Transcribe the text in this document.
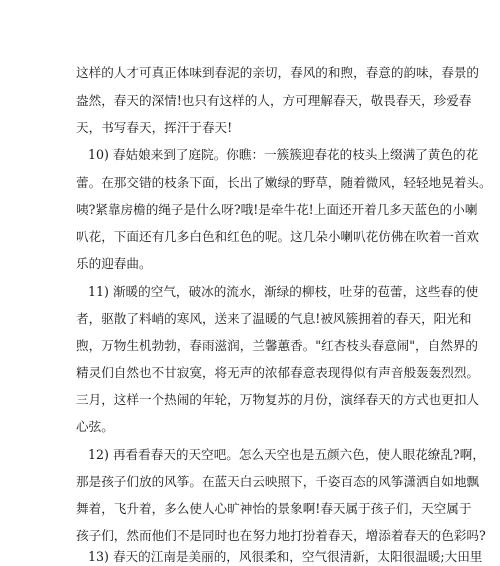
这样的人才可真正体味到春泥的亲切，春风的和煦，春意的韵味，春景的
盎然，春天的深情!也只有这样的人，方可理解春天，敬畏春天，珍爱春
天，书写春天，挥汗于春天!
10) 春姑娘来到了庭院。你瞧：一簇簇迎春花的枝头上缀满了黄色的花
蕾。在那交错的枝条下面，长出了嫩绿的野草，随着微风，轻轻地晃着头。
咦?紧靠房檐的绳子是什么呀?哦!是牵牛花!上面还开着几多天蓝色的小喇
叭花，下面还有几多白色和红色的呢。这几朵小喇叭花仿佛在吹着一首欢
乐的迎春曲。
11) 渐暖的空气，破冰的流水，渐绿的柳枝，吐芽的苞蕾，这些春的使
者，驱散了料峭的寒风，送来了温暖的气息!被风簇拥着的春天，阳光和
煦，万物生机勃勃，春雨滋润，兰馨蕙香。"红杏枝头春意闹"，自然界的
精灵们自然也不甘寂寞，将无声的浓郁春意表现得似有声音般轰轰烈烈。
三月，这样一个热闹的年轮，万物复苏的月份，演绎春天的方式也更扣人
心弦。
12) 再看看春天的天空吧。怎么天空也是五颜六色，使人眼花缭乱?啊，
那是孩子们放的风筝。在蓝天白云映照下，千姿百态的风筝潇洒自如地飘
舞着，飞升着，多么使人心旷神怡的景象啊!春天属于孩子们，天空属于
孩子们，然而他们不是同时也在努力地打扮着春天，增添着春天的色彩吗?
13) 春天的江南是美丽的，风很柔和，空气很清新，太阳很温暖;大田里
